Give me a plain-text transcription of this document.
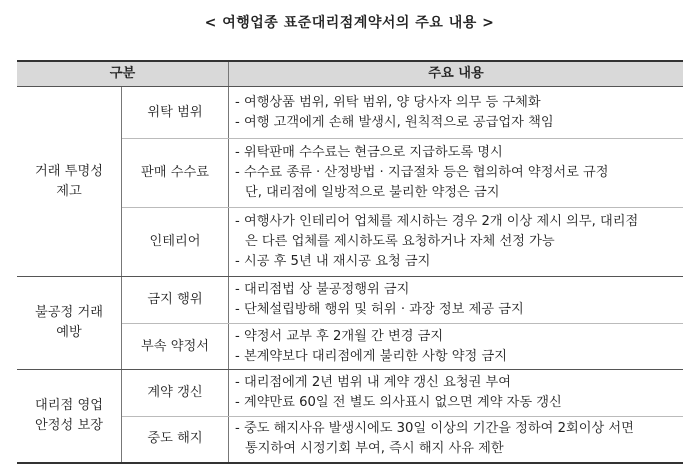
< 여행업종 표준대리점계약서의 주요 내용 >
구분		주요 내용

거래 투명성 제고	위탁 범위	- 여행상품 범위, 위탁 범위, 양 당사자 의무 등 구체화
- 여행 고객에게 손해 발생시, 원칙적으로 공급업자 책임

	판매 수수료	- 위탁판매 수수료는 현금으로 지급하도록 명시
- 수수료 종류 · 산정방법 · 지급절차 등은 협의하여 약정서로 규정
단, 대리점에 일방적으로 불리한 약정은 금지

	인테리어	- 여행사가 인테리어 업체를 제시하는 경우 2개 이상 제시 의무, 대리점
은 다른 업체를 제시하도록 요청하거나 자체 선정 가능
- 시공 후 5년 내 재시공 요청 금지

불공정 거래 예방	금지 행위	- 대리점법 상 불공정행위 금지
- 단체설립방해 행위 및 허위 · 과장 정보 제공 금지

	부속 약정서	- 약정서 교부 후 2개월 간 변경 금지
- 본계약보다 대리점에게 불리한 사항 약정 금지

대리점 영업 안정성 보장	계약 갱신	- 대리점에게 2년 범위 내 계약 갱신 요청권 부여
- 계약만료 60일 전 별도 의사표시 없으면 계약 자동 갱신

	중도 해지	- 중도 해지사유 발생시에도 30일 이상의 기간을 정하여 2회이상 서면
통지하여 시정기회 부여, 즉시 해지 사유 제한
